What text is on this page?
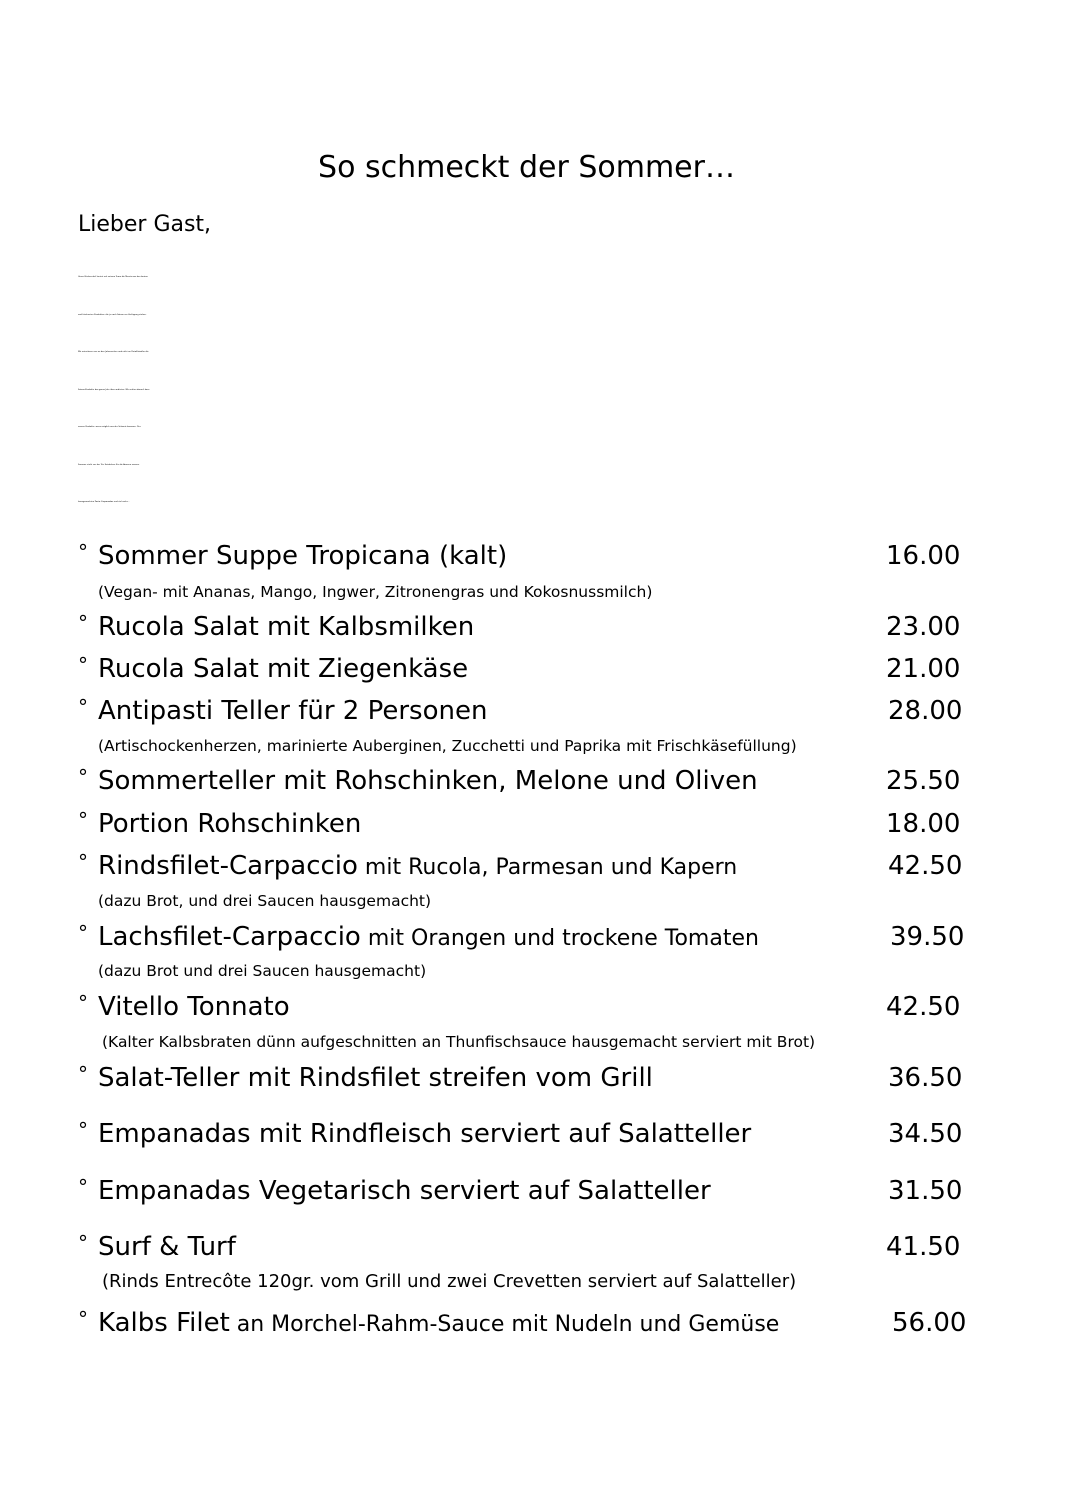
So schmeckt der Sommer…
Lieber Gast,
Unser Küchenchef kreiert mit seinem Team die Menüs aus den besten
und frischesten Produkten, die je nach Saison zur Verfügung stehen.
Wir orientieren uns an den Jahreszeiten und nicht an Detailhändler die
Saison-Produkte das ganze Jahr über anbieten. Wir achten darauf, dass
unsere Produkte, wenn möglich aus der Schweiz kommen. Der
Sommer steht vor der Tür. Entdecken Sie die Aromen unserer
hausgemachten Pasta, Empanadas und viel mehr…
° Sommer Suppe Tropicana (kalt)	16.00
(Vegan- mit Ananas, Mango, Ingwer, Zitronengras und Kokosnussmilch)
° Rucola Salat mit Kalbsmilken	23.00
° Rucola Salat mit Ziegenkäse	21.00
° Antipasti Teller für 2 Personen	28.00
(Artischockenherzen, marinierte Auberginen, Zucchetti und Paprika mit Frischkäsefüllung)
° Sommerteller mit Rohschinken, Melone und Oliven	25.50
° Portion Rohschinken	18.00
° Rindsfilet-Carpaccio mit Rucola, Parmesan und Kapern	42.50
(dazu Brot, und drei Saucen hausgemacht)
° Lachsfilet-Carpaccio mit Orangen und trockene Tomaten	39.50
(dazu Brot und drei Saucen hausgemacht)
° Vitello Tonnato	42.50
(Kalter Kalbsbraten dünn aufgeschnitten an Thunfischsauce hausgemacht serviert mit Brot)
° Salat-Teller mit Rindsfilet streifen vom Grill	36.50
° Empanadas mit Rindfleisch serviert auf Salatteller	34.50
° Empanadas Vegetarisch serviert auf Salatteller	31.50
° Surf & Turf	41.50
(Rinds Entrecôte 120gr. vom Grill und zwei Crevetten serviert auf Salatteller)
° Kalbs Filet an Morchel-Rahm-Sauce mit Nudeln und Gemüse	56.00
